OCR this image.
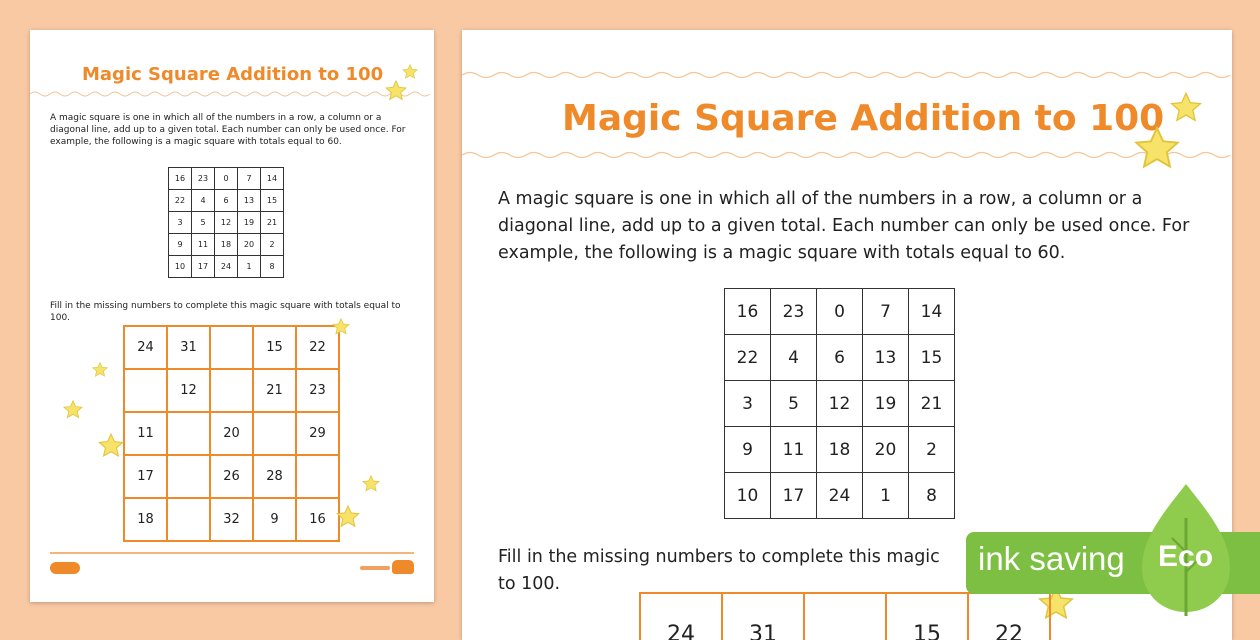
Magic Square Addition to 100
A magic square is one in which all of the numbers in a row, a column or a diagonal line, add up to a given total. Each number can only be used once. For example, the following is a magic square with totals equal to 60.
16	23	0	7	14
22	4	6	13	15
3	5	12	19	21
9	11	18	20	2
10	17	24	1	8
Fill in the missing numbers to complete this magic square with totals equal to 100.
24	31		15	22
	12		21	23
11		20		29
17		26	28	
18		32	9	16
Magic Square Addition to 100
A magic square is one in which all of the numbers in a row, a column or a diagonal line, add up to a given total. Each number can only be used once. For example, the following is a magic square with totals equal to 60.
16	23	0	7	14
22	4	6	13	15
3	5	12	19	21
9	11	18	20	2
10	17	24	1	8
Fill in the missing numbers to complete this magic
to 100.
24	31		15	22
ink saving Eco
